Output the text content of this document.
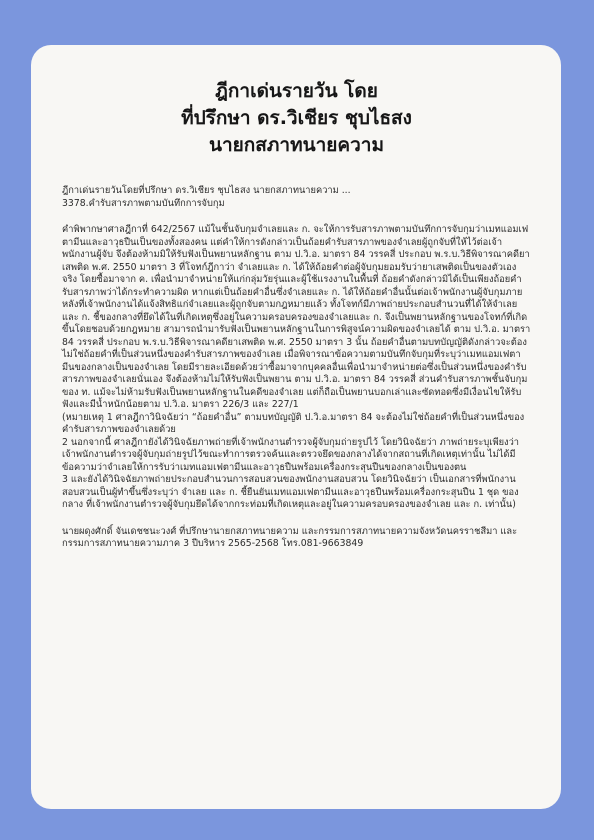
ฎีกาเด่นรายวัน โดย
ที่ปรึกษา ดร.วิเชียร ชุบไธสง
นายกสภาทนายความ

ฎีกาเด่นรายวันโดยที่ปรึกษา ดร.วิเชียร ชุบไธสง นายกสภาทนายความ ...

3378.คำรับสารภาพตามบันทึกการจับกุม

คำพิพากษาศาลฎีกาที่ 642/2567 แม้ในชั้นจับกุมจำเลยและ ก. จะให้การรับสารภาพตามบันทึกการจับกุมว่าเมทแอมเฟตามีนและอาวุธปืนเป็นของทั้งสองคน แต่คำให้การดังกล่าวเป็นถ้อยคำรับสารภาพของจำเลยผู้ถูกจับที่ให้ไว้ต่อเจ้าพนักงานผู้จับ จึงต้องห้ามมิให้รับฟังเป็นพยานหลักฐาน ตาม ป.วิ.อ. มาตรา 84 วรรคสี่ ประกอบ พ.ร.บ.วิธีพิจารณาคดียาเสพติด พ.ศ. 2550 มาตรา 3 ที่โจทก์ฎีกาว่า จำเลยและ ก. ได้ให้ถ้อยคำต่อผู้จับกุมยอมรับว่ายาเสพติดเป็นของตัวเองจริง โดยซื้อมาจาก ค. เพื่อนำมาจำหน่ายให้แก่กลุ่มวัยรุ่นและผู้ใช้แรงงานในพื้นที่ ถ้อยคำดังกล่าวมิได้เป็นเพียงถ้อยคำรับสารภาพว่าได้กระทำความผิด หากแต่เป็นถ้อยคำอื่นซึ่งจำเลยและ ก. ได้ให้ถ้อยคำอื่นนั้นต่อเจ้าพนักงานผู้จับกุมภายหลังที่เจ้าพนักงานได้แจ้งสิทธิแก่จำเลยและผู้ถูกจับตามกฎหมายแล้ว ทั้งโจทก์มีภาพถ่ายประกอบสำนวนที่ได้ให้จำเลยและ ก. ชี้ของกลางที่ยึดได้ในที่เกิดเหตุซึ่งอยู่ในความครอบครองของจำเลยและ ก. จึงเป็นพยานหลักฐานของโจทก์ที่เกิดขึ้นโดยชอบด้วยกฎหมาย สามารถนำมารับฟังเป็นพยานหลักฐานในการพิสูจน์ความผิดของจำเลยได้ ตาม ป.วิ.อ. มาตรา 84 วรรคสี่ ประกอบ พ.ร.บ.วิธีพิจารณาคดียาเสพติด พ.ศ. 2550 มาตรา 3 นั้น ถ้อยคำอื่นตามบทบัญญัติดังกล่าวจะต้องไม่ใช่ถ้อยคำที่เป็นส่วนหนึ่งของคำรับสารภาพของจำเลย เมื่อพิจารณาข้อความตามบันทึกจับกุมที่ระบุว่าเมทแอมเฟตามีนของกลางเป็นของจำเลย โดยมีรายละเอียดด้วยว่าซื้อมาจากบุคคลอื่นเพื่อนำมาจำหน่ายต่อซึ่งเป็นส่วนหนึ่งของคำรับสารภาพของจำเลยนั่นเอง จึงต้องห้ามไม่ให้รับฟังเป็นพยาน ตาม ป.วิ.อ. มาตรา 84 วรรคสี่ ส่วนคำรับสารภาพชั้นจับกุมของ ท. แม้จะไม่ห้ามรับฟังเป็นพยานหลักฐานในคดีของจำเลย แต่ก็ถือเป็นพยานบอกเล่าและซัดทอดซึ่งมีเงื่อนไขให้รับฟังและมีน้ำหนักน้อยตาม ป.วิ.อ. มาตรา 226/3 และ 227/1

(หมายเหตุ 1 ศาลฎีกาวินิจฉัยว่า “ถ้อยคำอื่น” ตามบทบัญญัติ ป.วิ.อ.มาตรา 84 จะต้องไม่ใช่ถ้อยคำที่เป็นส่วนหนึ่งของคำรับสารภาพของจำเลยด้วย

2 นอกจากนี้ ศาลฎีกายังได้วินิจฉัยภาพถ่ายที่เจ้าพนักงานตำรวจผู้จับกุมถ่ายรูปไว้ โดยวินิจฉัยว่า ภาพถ่ายระบุเพียงว่า เจ้าพนักงานตำรวจผู้จับกุมถ่ายรูปไว้ขณะทำการตรวจค้นและตรวจยึดของกลางได้จากสถานที่เกิดเหตุเท่านั้น ไม่ได้มีข้อความว่าจำเลยให้การรับว่าเมทแอมเฟตามีนและอาวุธปืนพร้อมเครื่องกระสุนปืนของกลางเป็นของตน

3 และยังได้วินิจฉัยภาพถ่ายประกอบสำนวนการสอบสวนของพนักงานสอบสวน โดยวินิจฉัยว่า เป็นเอกสารที่พนักงานสอบสวนเป็นผู้ทำขึ้นซึ่งระบุว่า จำเลย และ ก. ชี้ยืนยันเมทแอมเฟตามีนและอาวุธปืนพร้อมเครื่องกระสุนปืน 1 ชุด ของกลาง ที่เจ้าพนักงานตำรวจผู้จับกุมยึดได้จากกระท่อมที่เกิดเหตุและอยู่ในความครอบครองของจำเลย และ ก. เท่านั้น)

นายผดุงศักดิ์ จันเดชชนะวงศ์ ที่ปรึกษานายกสภาทนายความ และกรรมการสภาทนายความจังหวัดนครราชสีมา และกรรมการสภาทนายความภาค 3 ปีบริหาร 2565-2568 โทร.081-9663849
